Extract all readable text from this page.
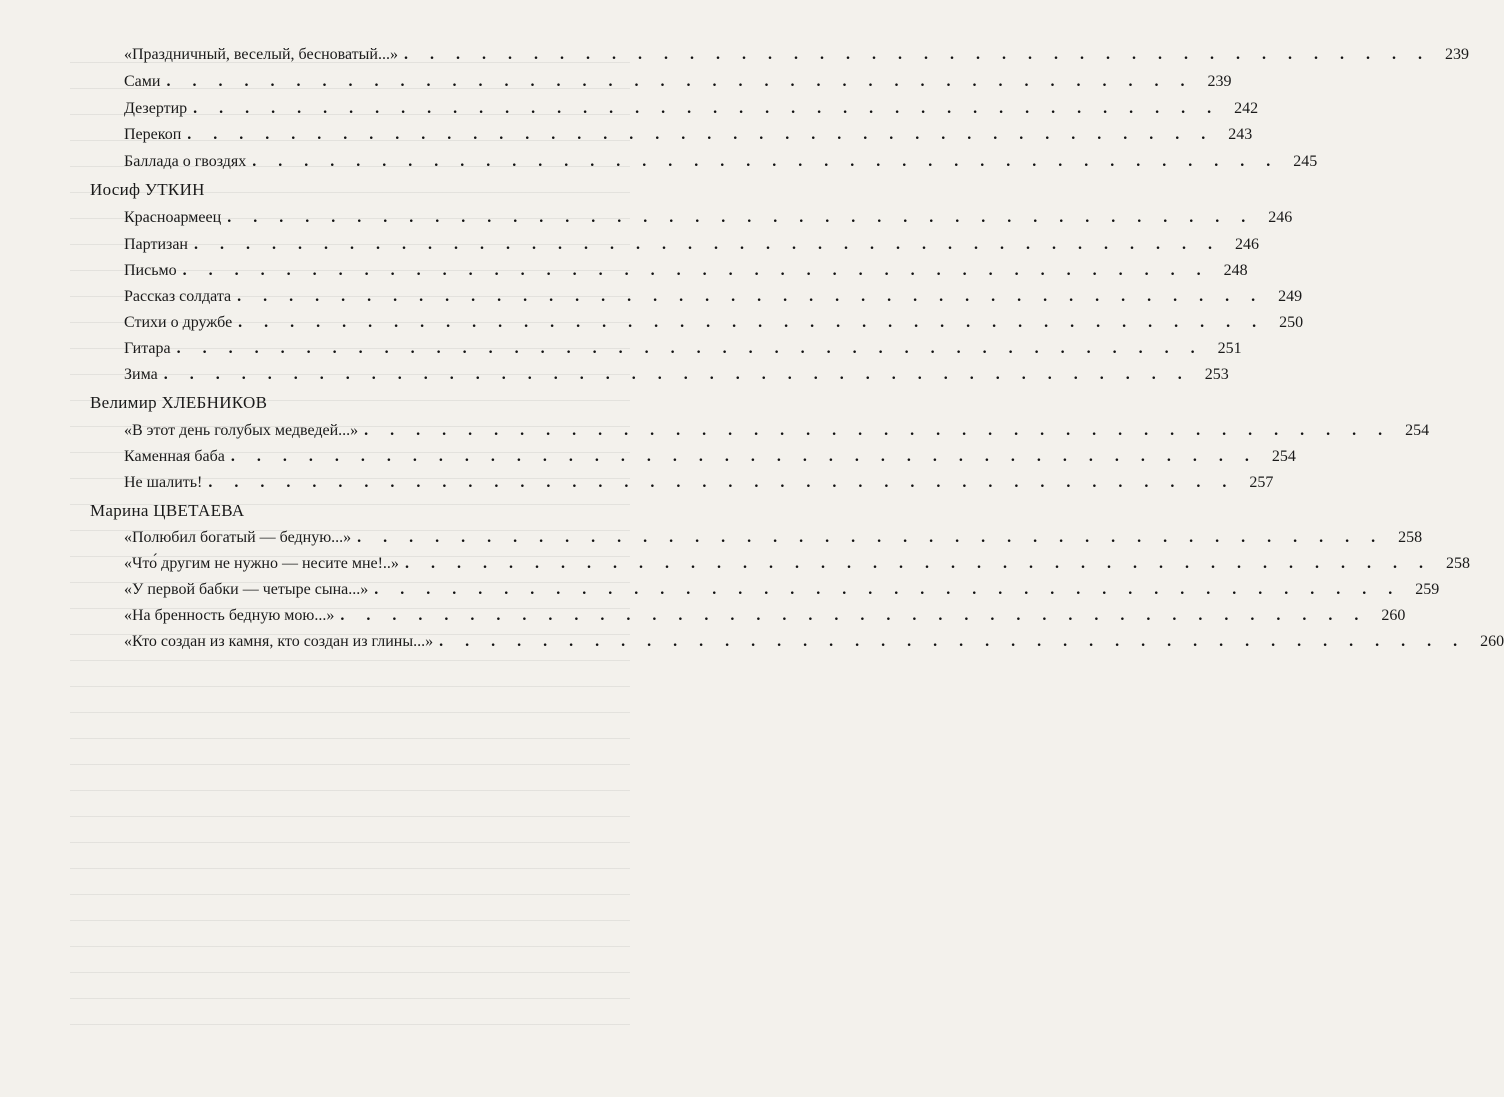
«Праздничный, веселый, бесноватый...» . . . . . . . . . . . . . . . . . . . . . . . . . . . . . . . . . . . . . . . . 239
Сами . . . . . . . . . . . . . . . . . . . . . . . . . . . . . . . . . . . . . . . . 239
Дезертир . . . . . . . . . . . . . . . . . . . . . . . . . . . . . . . . . . . . . . . . 242
Перекоп . . . . . . . . . . . . . . . . . . . . . . . . . . . . . . . . . . . . . . . . 243
Баллада о гвоздях . . . . . . . . . . . . . . . . . . . . . . . . . . . . . . . . . . . . . . . . 245
Иосиф УТКИН
Красноармеец . . . . . . . . . . . . . . . . . . . . . . . . . . . . . . . . . . . . . . . . 246
Партизан . . . . . . . . . . . . . . . . . . . . . . . . . . . . . . . . . . . . . . . . 246
Письмо . . . . . . . . . . . . . . . . . . . . . . . . . . . . . . . . . . . . . . . . 248
Рассказ солдата . . . . . . . . . . . . . . . . . . . . . . . . . . . . . . . . . . . . . . . . 249
Стихи о дружбе . . . . . . . . . . . . . . . . . . . . . . . . . . . . . . . . . . . . . . . . 250
Гитара . . . . . . . . . . . . . . . . . . . . . . . . . . . . . . . . . . . . . . . . 251
Зима . . . . . . . . . . . . . . . . . . . . . . . . . . . . . . . . . . . . . . . . 253
Велимир ХЛЕБНИКОВ
«В этот день голубых медведей...» . . . . . . . . . . . . . . . . . . . . . . . . . . . . . . . . . . . . . . . . 254
Каменная баба . . . . . . . . . . . . . . . . . . . . . . . . . . . . . . . . . . . . . . . . 254
Не шалить! . . . . . . . . . . . . . . . . . . . . . . . . . . . . . . . . . . . . . . . . 257
Марина ЦВЕТАЕВА
«Полюбил богатый — бедную...» . . . . . . . . . . . . . . . . . . . . . . . . . . . . . . . . . . . . . . . . 258
«Что́ другим не нужно — несите мне!..» . . . . . . . . . . . . . . . . . . . . . . . . . . . . . . . . . . . . . . . . 258
«У первой бабки — четыре сына...» . . . . . . . . . . . . . . . . . . . . . . . . . . . . . . . . . . . . . . . . 259
«На бренность бедную мою...» . . . . . . . . . . . . . . . . . . . . . . . . . . . . . . . . . . . . . . . . 260
«Кто создан из камня, кто создан из глины...» . . . . . . . . . . . . . . . . . . . . . . . . . . . . . . . . . . . . . . . . 260
